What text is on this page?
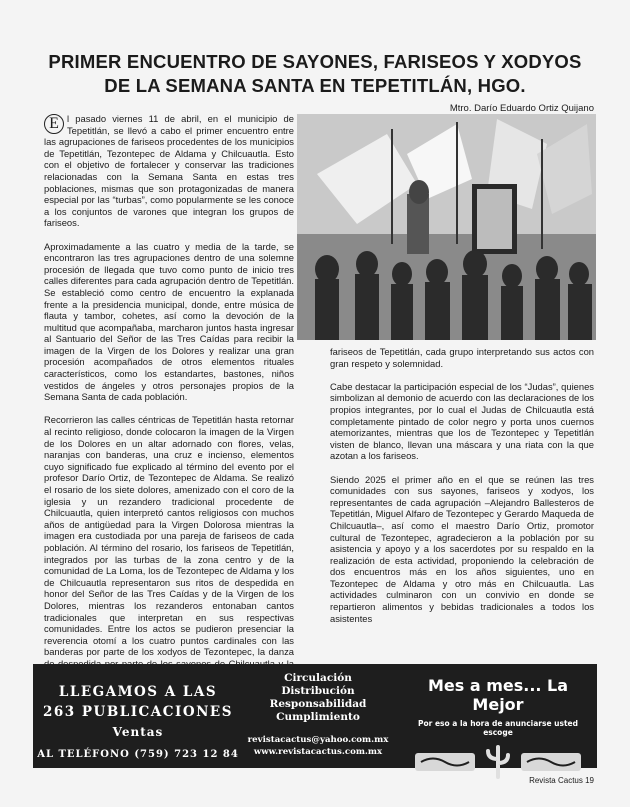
PRIMER ENCUENTRO DE SAYONES, FARISEOS Y XODYOS
DE LA SEMANA SANTA EN TEPETITLÁN, HGO.

Mtro. Darío Eduardo Ortiz Quijano

E l pasado viernes 11 de abril, en el municipio de Tepetitlán, se llevó a cabo el primer encuentro entre las agrupaciones de fariseos procedentes de los municipios de Tepetitlán, Tezontepec de Aldama y Chilcuautla. Esto con el objetivo de fortalecer y conservar las tradiciones relacionadas con la Semana Santa en estas tres poblaciones, mismas que son protagonizadas de manera especial por las “turbas”, como popularmente se les conoce a los conjuntos de varones que integran los grupos de fariseos.

Aproximadamente a las cuatro y media de la tarde, se encontraron las tres agrupaciones dentro de una solemne procesión de llegada que tuvo como punto de inicio tres calles diferentes para cada agrupación dentro de Tepetitlán. Se estableció como centro de encuentro la explanada frente a la presidencia municipal, donde, entre música de flauta y tambor, cohetes, así como la devoción de la multitud que acompañaba, marcharon juntos hasta ingresar al Santuario del Señor de las Tres Caídas para recibir la imagen de la Virgen de los Dolores y realizar una gran procesión acompañados de otros elementos rituales característicos, como los estandartes, bastones, niños vestidos de ángeles y otros personajes propios de la Semana Santa de cada población.

Recorrieron las calles céntricas de Tepetitlán hasta retornar al recinto religioso, donde colocaron la imagen de la Virgen de los Dolores en un altar adornado con flores, velas, naranjas con banderas, una cruz e incienso, elementos cuyo significado fue explicado al término del evento por el profesor Darío Ortiz, de Tezontepec de Aldama. Se realizó el rosario de los siete dolores, amenizado con el coro de la iglesia y un rezandero tradicional procedente de Chilcuautla, quien interpretó cantos religiosos con muchos años de antigüedad para la Virgen Dolorosa mientras la imagen era custodiada por una pareja de fariseos de cada población. Al término del rosario, los fariseos de Tepetitlán, integrados por las turbas de la zona centro y de la comunidad de La Loma, los de Tezontepec de Aldama y los de Chilcuautla representaron sus ritos de despedida en honor del Señor de las Tres Caídas y de la Virgen de los Dolores, mientras los rezanderos entonaban cantos tradicionales que interpretan en sus respectivas comunidades. Entre los actos se pudieron presenciar la reverencia otomí a los cuatro puntos cardinales con las banderas por parte de los xodyos de Tezontepec, la danza

fariseos de Tepetitlán, cada grupo interpretando sus actos con gran respeto y solemnidad.

Cabe destacar la participación especial de los “Judas”, quienes simbolizan al demonio de acuerdo con las declaraciones de los propios integrantes, por lo cual el Judas de Chilcuautla está completamente pintado de color negro y porta unos cuernos atemorizantes, mientras que los de Tezontepec y Tepetitlán visten de blanco, llevan una máscara y una riata con la que azotan a los fariseos.

Siendo 2025 el primer año en el que se reúnen las tres comunidades con sus sayones, fariseos y xodyos, los representantes de cada agrupación –Alejandro Ballesteros de Tepetitlán, Miguel Alfaro de Tezontepec y Gerardo Maqueda de Chilcuautla–, así como el maestro Darío Ortiz, promotor cultural de Tezontepec, agradecieron a la población por su asistencia y apoyo y a los sacerdotes por su respaldo en la realización de esta actividad, proponiendo la celebración de dos encuentros más en los años siguientes, uno en Tezontepec de Aldama y otro más en Chilcuautla. Las actividades culminaron con un convivio en donde se repartieron alimentos y bebidas tradicionales a todos los asistentes

LLEGAMOS A LAS
263 PUBLICACIONES
Ventas
AL TELÉFONO (759) 723 12 84
Circulación
Distribución
Responsabilidad
Cumplimiento
revistacactus@yahoo.com.mx
www.revistacactus.com.mx
Mes a mes... La Mejor
Por eso a la hora de anunciarse usted escoge
Revista Cactus 19
